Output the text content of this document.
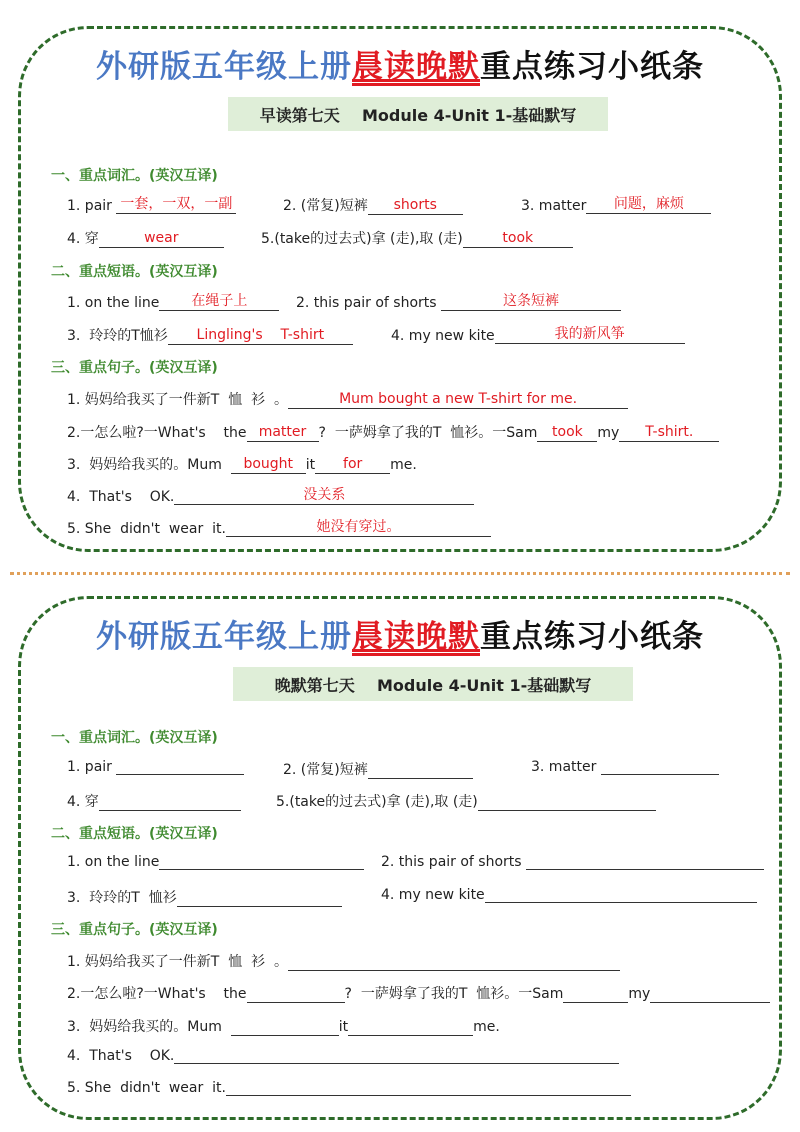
外研版五年级上册晨读晚默重点练习小纸条
早读第七天    Module 4-Unit 1-基础默写
一、重点词汇。(英汉互译)
1. pair 一套，一双，一副	2. (常复)短裤 shorts	3. matter 问题，麻烦
4. 穿	wear	5.(take的过去式)拿 (走),取 (走)	took
二、重点短语。(英汉互译)
1. on the line 在绳子上	2. this pair of shorts	这条短裤
3.  玲玲的T恤衫 Lingling's    T-shirt	4. my new kite	我的新风筝
三、重点句子。(英汉互译)
1. 妈妈给我买了一件新T  恤  衫  。	Mum bought a new T-shirt for me.
2.一怎么啦?一What's    the matter ?  一萨姆拿了我的T  恤衫。一Sam took my T-shirt.
3.  妈妈给我买的。Mum  bought it for me.
4.  That's    OK.	没关系
5. She  didn't  wear  it.	她没有穿过。
外研版五年级上册晨读晚默重点练习小纸条
晚默第七天    Module 4-Unit 1-基础默写
一、重点词汇。(英汉互译)
1. pair	2. (常复)短裤	3. matter
4. 穿	5.(take的过去式)拿 (走),取 (走)
二、重点短语。(英汉互译)
1. on the line	2. this pair of shorts
3.  玲玲的T  恤衫	4. my new kite
三、重点句子。(英汉互译)
1. 妈妈给我买了一件新T  恤  衫  。
2.一怎么啦?一What's    the	?  一萨姆拿了我的T  恤衫。一Sam	my
3.  妈妈给我买的。Mum	it	me.
4.  That's    OK.
5. She  didn't  wear  it.
